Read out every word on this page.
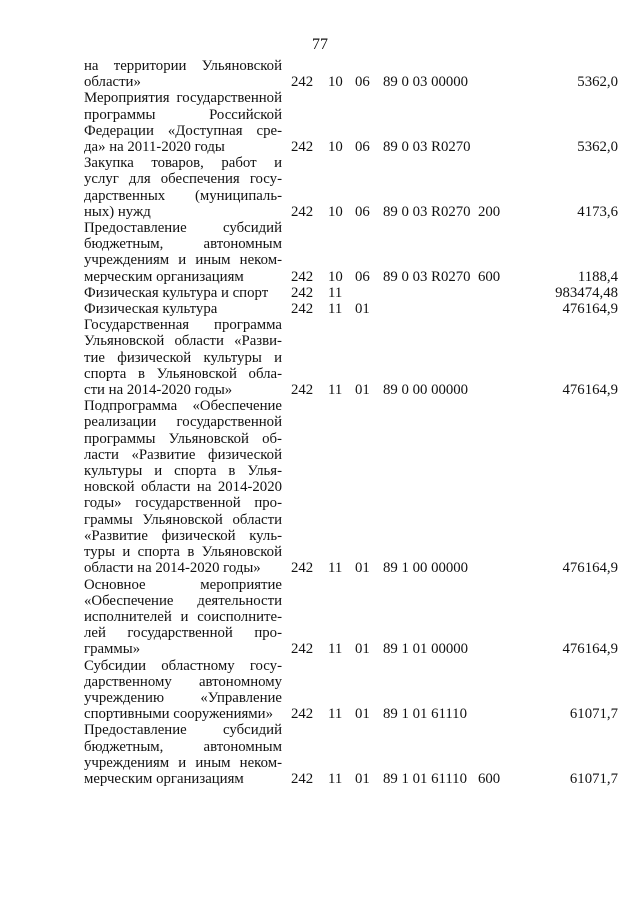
77
на территории Ульяновской
области»	242 10 06 89 0 03 00000	5362,0
Мероприятия государственной
программы Российской
Федерации «Доступная сре-
да» на 2011-2020 годы	242 10 06 89 0 03 R0270	5362,0
Закупка товаров, работ и
услуг для обеспечения госу-
дарственных (муниципаль-
ных) нужд	242 10 06 89 0 03 R0270 200	4173,6
Предоставление субсидий
бюджетным, автономным
учреждениям и иным неком-
мерческим организациям	242 10 06 89 0 03 R0270 600	1188,4
Физическая культура и спорт	242 11	983474,48
Физическая культура	242 11 01	476164,9
Государственная программа
Ульяновской области «Разви-
тие физической культуры и
спорта в Ульяновской обла-
сти на 2014-2020 годы»	242 11 01 89 0 00 00000	476164,9
Подпрограмма «Обеспечение
реализации государственной
программы Ульяновской об-
ласти «Развитие физической
культуры и спорта в Улья-
новской области на 2014-2020
годы» государственной про-
граммы Ульяновской области
«Развитие физической куль-
туры и спорта в Ульяновской
области на 2014-2020 годы»	242 11 01 89 1 00 00000	476164,9
Основное мероприятие
«Обеспечение деятельности
исполнителей и соисполните-
лей государственной про-
граммы»	242 11 01 89 1 01 00000	476164,9
Субсидии областному госу-
дарственному автономному
учреждению «Управление
спортивными сооружениями»	242 11 01 89 1 01 61110	61071,7
Предоставление субсидий
бюджетным, автономным
учреждениям и иным неком-
мерческим организациям	242 11 01 89 1 01 61110 600	61071,7
